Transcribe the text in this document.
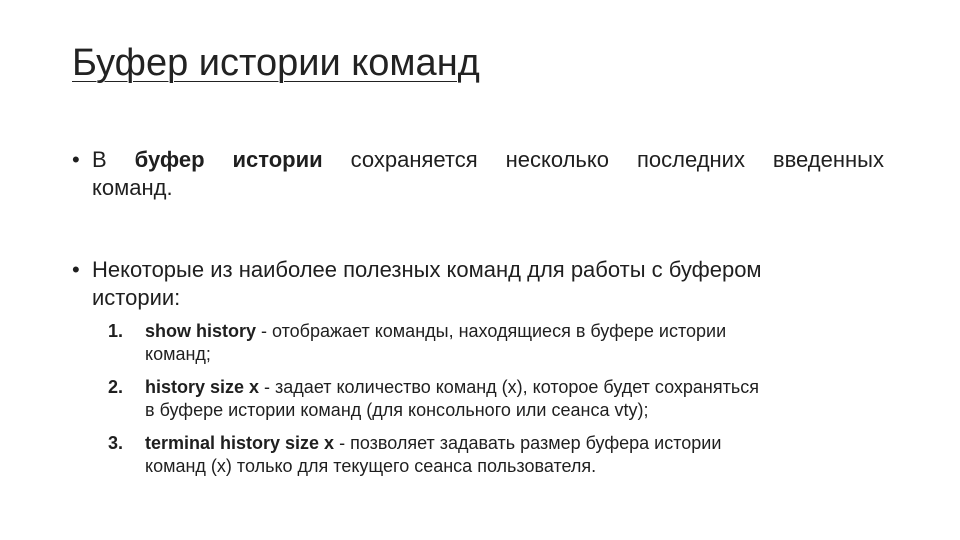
Буфер истории команд
• В буфер истории сохраняется несколько последних введенных
команд.
• Некоторые из наиболее полезных команд для работы с буфером
истории:
1. show history - отображает команды, находящиеся в буфере истории
команд;
2. history size x - задает количество команд (х), которое будет сохраняться
в буфере истории команд (для консольного или сеанса vty);
3. terminal history size x - позволяет задавать размер буфера истории
команд (x) только для текущего сеанса пользователя.
